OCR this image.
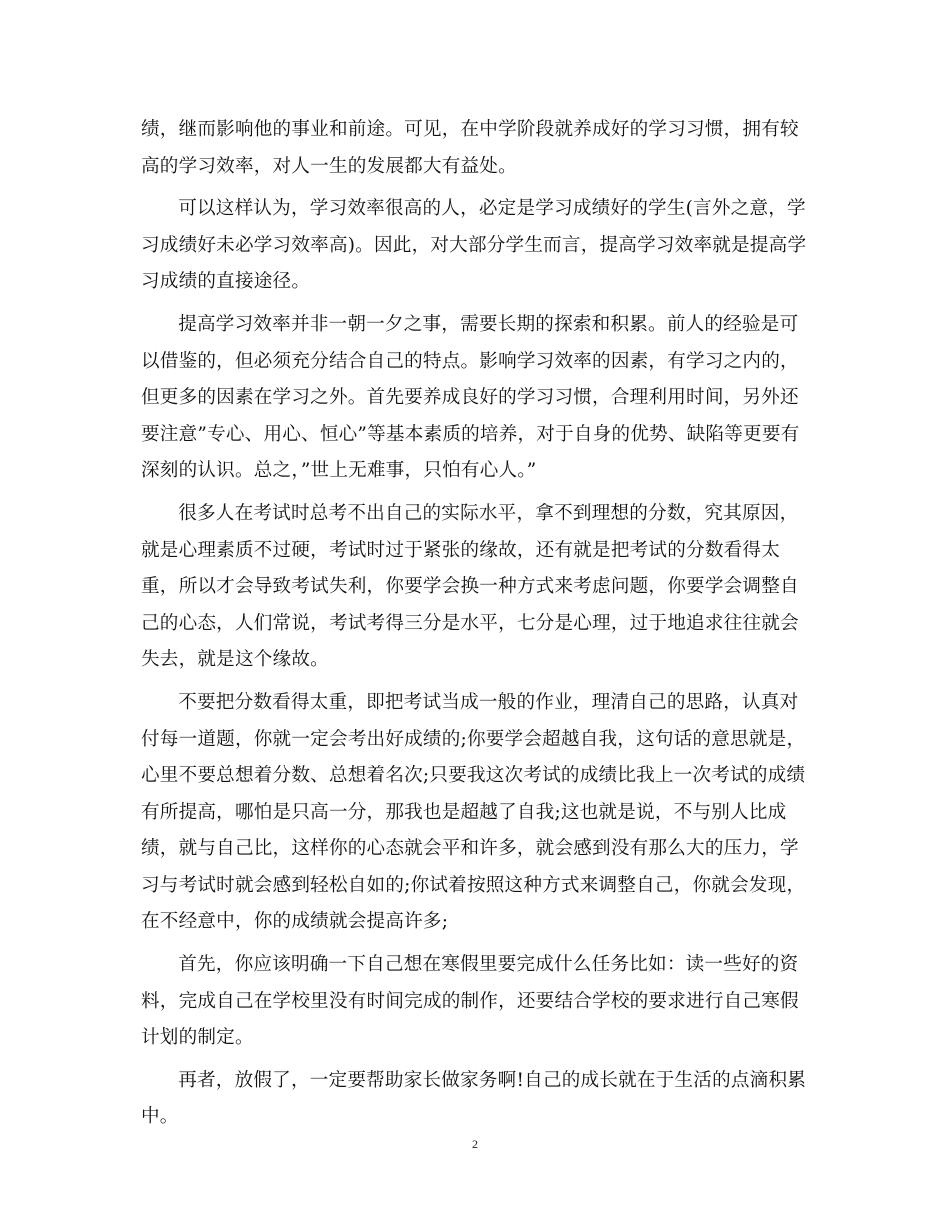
绩，继而影响他的事业和前途。可见，在中学阶段就养成好的学习习惯，拥有较高的学习效率，对人一生的发展都大有益处。

可以这样认为，学习效率很高的人，必定是学习成绩好的学生(言外之意，学习成绩好未必学习效率高)。因此，对大部分学生而言，提高学习效率就是提高学习成绩的直接途径。

提高学习效率并非一朝一夕之事，需要长期的探索和积累。前人的经验是可以借鉴的，但必须充分结合自己的特点。影响学习效率的因素，有学习之内的，但更多的因素在学习之外。首先要养成良好的学习习惯，合理利用时间，另外还要注意”专心、用心、恒心”等基本素质的培养，对于自身的优势、缺陷等更要有深刻的认识。总之，”世上无难事，只怕有心人。”

很多人在考试时总考不出自己的实际水平，拿不到理想的分数，究其原因，就是心理素质不过硬，考试时过于紧张的缘故，还有就是把考试的分数看得太重，所以才会导致考试失利，你要学会换一种方式来考虑问题，你要学会调整自己的心态，人们常说，考试考得三分是水平，七分是心理，过于地追求往往就会失去，就是这个缘故。

不要把分数看得太重，即把考试当成一般的作业，理清自己的思路，认真对付每一道题，你就一定会考出好成绩的;你要学会超越自我，这句话的意思就是，心里不要总想着分数、总想着名次;只要我这次考试的成绩比我上一次考试的成绩有所提高，哪怕是只高一分，那我也是超越了自我;这也就是说，不与别人比成绩，就与自己比，这样你的心态就会平和许多，就会感到没有那么大的压力，学习与考试时就会感到轻松自如的;你试着按照这种方式来调整自己，你就会发现，在不经意中，你的成绩就会提高许多;

首先，你应该明确一下自己想在寒假里要完成什么任务比如：读一些好的资料，完成自己在学校里没有时间完成的制作，还要结合学校的要求进行自己寒假计划的制定。

再者，放假了，一定要帮助家长做家务啊!自己的成长就在于生活的点滴积累中。

2
